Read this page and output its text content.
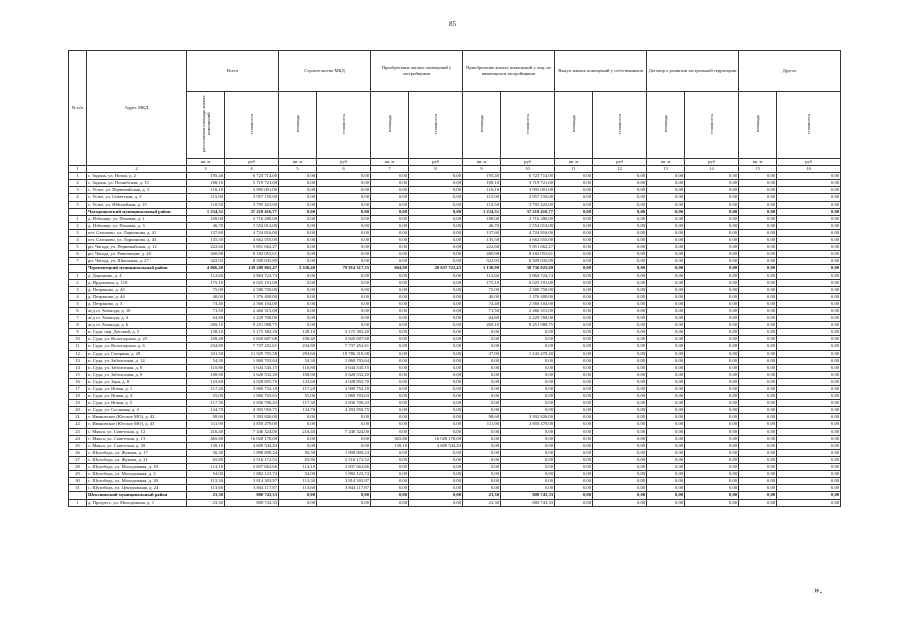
85
№ п/п	Адрес МКД	Всего		Строительство МКД		Приобретение жилых помещений у застройщиков		Приобретение жилых помещений у лиц, не являющихся застройщиком		Выкуп жилых помещений у собственников		Договор о развитии застроенной территории		Другое	
		расселяемая площадь жилых помещений	стоимость	площадь	стоимость	площадь	стоимость	площадь	стоимость	площадь	стоимость	площадь	стоимость	площадь	стоимость
		кв. м	руб	кв. м	руб	кв. м	руб	кв. м	руб	кв. м	руб	кв. м	руб	кв. м	руб
1	2	3	4	5	6	7	8	9	10	11	12	13	14	15	16
1	с. Задонь, ул. Новая, д. 2	195,40	6 723 714,00	0,00	0,00	0,00	0,00	195,40	6 723 714,00	0,00	0,00	0,00	0,00	0,00	0,00
2	с. Задонь, ул. Пошибская, д. 15	108,10	3 719 721,00	0,00	0,00	0,00	0,00	108,10	3 719 721,00	0,00	0,00	0,00	0,00	0,00	0,00
3	с. Устье, ул. Первомайская, д. 3	116,10	3 995 001,00	0,00	0,00	0,00	0,00	116,10	3 995 001,00	0,00	0,00	0,00	0,00	0,00	0,00
4	с. Устье, ул. Советская, д. 3	115,00	3 957 150,00	0,00	0,00	0,00	0,00	115,00	3 957 150,00	0,00	0,00	0,00	0,00	0,00	0,00
5	с. Устье, ул. Юбилейная, д. 15	110,50	3 795 423,00	0,00	0,00	0,00	0,00	110,50	3 795 423,00	0,00	0,00	0,00	0,00	0,00	0,00
	Чагодощенский муниципальный район	1 234,31	37 210 416,77	0,00	0,00	0,00	0,00	1 234,31	37 210 416,77	0,00	0,00	0,00	0,00	0,00	0,00
1	д. Избоище, ул. Пеховая, д. 1	108,00	3 716 280,00	0,00	0,00	0,00	0,00	108,00	3 716 280,00	0,00	0,00	0,00	0,00	0,00	0,00
2	д. Избоище, ул. Пеховая, д. 3	46,70	1 554 014,00	0,00	0,00	0,00	0,00	46,70	1 554 014,00	0,00	0,00	0,00	0,00	0,00	0,00
3	пгт. Сазоново, ул. Ларионова, д. 41	137,60	4 724 816,00	0,00	0,00	0,00	0,00	137,60	4 724 816,00	0,00	0,00	0,00	0,00	0,00	0,00
4	пгт. Сазоново, ул. Ларионова, д. 43	135,50	4 662 555,00	0,00	0,00	0,00	0,00	135,50	4 662 555,00	0,00	0,00	0,00	0,00	0,00	0,00
5	рп. Чагода, ул. Первомайская, д. 12	222,60	5 851 662,27	0,00	0,00	0,00	0,00	222,60	5 851 662,27	0,00	0,00	0,00	0,00	0,00	0,00
6	рп. Чагода, ул. Революции, д. 20	260,98	8 182 053,61	0,00	0,00	0,00	0,00	260,98	8 182 053,61	0,00	0,00	0,00	0,00	0,00	0,00
7	рп. Чагода, ул. Школьная, д. 27	322,93	8 509 035,89	0,00	0,00	0,00	0,00	322,93	8 509 035,89	0,00	0,00	0,00	0,00	0,00	0,00
	Череповецкий муниципальный район	4 066,20	139 288 065,47	2 330,40	79 914 317,35	604,90	20 637 722,43	1 130,90	38 736 025,69	0,00	0,00	0,00	0,00	0,00	0,00
1	д. Доронино, д. 4	112,60	3 864 724,74	0,00	0,00	0,00	0,00	112,60	3 864 724,74	0,00	0,00	0,00	0,00	0,00	0,00
2	д. Ирдоматка, д. 118	175,10	6 025 191,00	0,00	0,00	0,00	0,00	175,10	6 025 191,00	0,00	0,00	0,00	0,00	0,00	0,00
3	д. Петраково, д. 43	75,00	2 580 750,00	0,00	0,00	0,00	0,00	75,00	2 580 750,00	0,00	0,00	0,00	0,00	0,00	0,00
4	д. Петраково, д. 44	40,00	1 376 400,00	0,00	0,00	0,00	0,00	40,00	1 376 400,00	0,00	0,00	0,00	0,00	0,00	0,00
5	д. Петраково, д. 3	74,40	2 560 104,00	0,00	0,00	0,00	0,00	74,40	2 560 104,00	0,00	0,00	0,00	0,00	0,00	0,00
6	ж/д ст. Хемалда, д. 10	71,50	2 460 315,00	0,00	0,00	0,00	0,00	71,50	2 460 315,00	0,00	0,00	0,00	0,00	0,00	0,00
7	ж/д ст. Хемалда, д. 4	64,80	2 229 768,00	0,00	0,00	0,00	0,00	64,80	2 229 768,00	0,00	0,00	0,00	0,00	0,00	0,00
8	ж/д ст. Хемалда, д. 6	269,10	9 251 988,75	0,00	0,00	0,00	0,00	269,10	9 251 988,75	0,00	0,00	0,00	0,00	0,00	0,00
9	п. Суда, пер. Детский, д. 5	138,10	5 175 382,20	138,10	5 175 382,20	0,00	0,00	0,00	0,00	0,00	0,00	0,00	0,00	0,00	0,00
10	п. Суда, ул. Вологодская, д. 25	108,40	3 820 687,68	108,40	3 820 687,68	0,00	0,00	0,00	0,00	0,00	0,00	0,00	0,00	0,00	0,00
11	п. Суда, ул. Вологодская, д. 6	234,80	7 737 452,61	234,80	7 737 452,61	0,00	0,00	0,00	0,00	0,00	0,00	0,00	0,00	0,00	0,00
12	п. Суда, ул. Гагарина, д. 29	331,50	11 929 795,58	293,60	10 786 316,38	0,00	0,00	37,90	1 143 479,20	0,00	0,00	0,00	0,00	0,00	0,00
13	п. Суда, ул. Заболотная, д. 14	54,30	1 860 703,64	54,30	1 860 703,64	0,00	0,00	0,00	0,00	0,00	0,00	0,00	0,00	0,00	0,00
14	п. Суда, ул. Заболотная, д. 8	110,80	3 644 545,15	110,80	3 644 545,15	0,00	0,00	0,00	0,00	0,00	0,00	0,00	0,00	0,00	0,00
15	п. Суда, ул. Заболотная, д. 9	108,90	3 628 532,20	108,90	3 628 532,20	0,00	0,00	0,00	0,00	0,00	0,00	0,00	0,00	0,00	0,00
16	п. Суда, ул. Заря, д. 8	123,60	4 028 855,70	123,60	4 028 855,70	0,00	0,00	0,00	0,00	0,00	0,00	0,00	0,00	0,00	0,00
17	п. Суда, ул. Новая, д. 1	117,20	3 900 752,18	117,20	3 900 752,18	0,00	0,00	0,00	0,00	0,00	0,00	0,00	0,00	0,00	0,00
18	п. Суда, ул. Новая, д. 4	55,00	1 860 703,63	55,00	1 860 703,63	0,00	0,00	0,00	0,00	0,00	0,00	0,00	0,00	0,00	0,00
19	п. Суда, ул. Новая, д. 5	117,30	3 836 700,43	117,30	3 836 700,43	0,00	0,00	0,00	0,00	0,00	0,00	0,00	0,00	0,00	0,00
20	п. Суда, ул. Сосновая, д. 4	134,70	4 393 950,75	134,70	4 393 950,75	0,00	0,00	0,00	0,00	0,00	0,00	0,00	0,00	0,00	0,00
21	с. Ивановское (Югское МО), д. 42	98,60	3 392 826,00	0,00	0,00	0,00	0,00	98,60	3 392 826,00	0,00	0,00	0,00	0,00	0,00	0,00
22	с. Ивановское (Югское МО), д. 43	111,90	3 850 479,00	0,00	0,00	0,00	0,00	111,90	3 850 479,00	0,00	0,00	0,00	0,00	0,00	0,00
23	с. Мякса, ул. Советская, д. 12	216,40	7 446 324,00	216,40	7 446 324,00	0,00	0,00	0,00	0,00	0,00	0,00	0,00	0,00	0,00	0,00
24	с. Мякса, ул. Советская, д. 13	465,80	16 028 178,00	0,00	0,00	465,80	16 028 178,00	0,00	0,00	0,00	0,00	0,00	0,00	0,00	0,00
25	с. Мякса, ул. Советская, д. 28	139,10	4 609 544,43	0,00	0,00	139,10	4 609 544,43	0,00	0,00	0,00	0,00	0,00	0,00	0,00	0,00
26	с. Шухободь, ул. Жукова, д. 17	56,30	1 898 809,24	56,30	1 898 809,24	0,00	0,00	0,00	0,00	0,00	0,00	0,00	0,00	0,00	0,00
27	с. Шухободь, ул. Жукова, д. 21	65,80	2 516 172,52	65,80	2 516 172,52	0,00	0,00	0,00	0,00	0,00	0,00	0,00	0,00	0,00	0,00
28	с. Шухободь, ул. Молодежная, д. 10	114,10	3 837 663,66	114,10	3 837 663,66	0,00	0,00	0,00	0,00	0,00	0,00	0,00	0,00	0,00	0,00
29	с. Шухободь, ул. Молодежная, д. 2	54,00	1 882 123,74	54,00	1 882 123,74	0,00	0,00	0,00	0,00	0,00	0,00	0,00	0,00	0,00	0,00
30	с. Шухободь, ул. Молодежная, д. 20	113,30	3 814 303,97	113,30	3 814 303,97	0,00	0,00	0,00	0,00	0,00	0,00	0,00	0,00	0,00	0,00
31	с. Шухободь, ул. Центральная, д. 24	113,60	3 844 117,87	113,60	3 844 117,87	0,00	0,00	0,00	0,00	0,00	0,00	0,00	0,00	0,00	0,00
	Шекснинский муниципальный район	23,30	800 743,33	0,00	0,00	0,00	0,00	23,30	800 743,33	0,00	0,00	0,00	0,00	0,00	0,00
1	д. Прогресс, ул. Молодежная, д. 1	23,30	800 743,33	0,00	0,00	0,00	0,00	23,30	800 743,33	0,00	0,00	0,00	0,00	0,00	0,00
».
